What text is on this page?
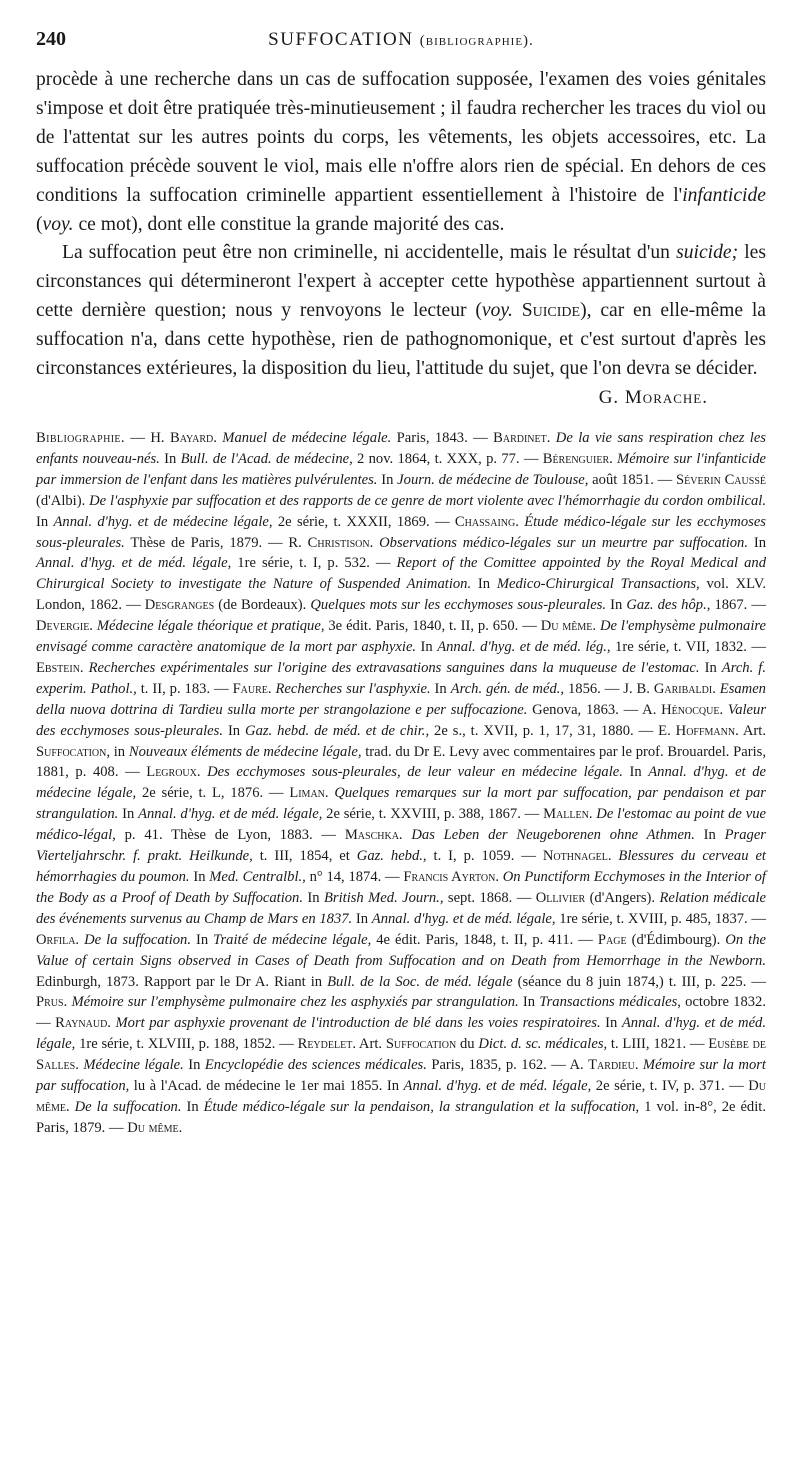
240	SUFFOCATION (bibliographie).

procède à une recherche dans un cas de suffocation supposée, l'examen des voies génitales s'impose et doit être pratiquée très-minutieusement ; il faudra rechercher les traces du viol ou de l'attentat sur les autres points du corps, les vêtements, les objets accessoires, etc. La suffocation précède souvent le viol, mais elle n'offre alors rien de spécial. En dehors de ces conditions la suffocation criminelle appartient essentiellement à l'histoire de l'infanticide (voy. ce mot), dont elle constitue la grande majorité des cas.

La suffocation peut être non criminelle, ni accidentelle, mais le résultat d'un suicide; les circonstances qui détermineront l'expert à accepter cette hypothèse appartiennent surtout à cette dernière question; nous y renvoyons le lecteur (voy. Suicide), car en elle-même la suffocation n'a, dans cette hypothèse, rien de pathognomonique, et c'est surtout d'après les circonstances extérieures, la disposition du lieu, l'attitude du sujet, que l'on devra se décider.

G. Morache.
Bibliographie. — H. Bayard. Manuel de médecine légale. Paris, 1843. — Bardinet. De la vie sans respiration chez les enfants nouveau-nés. In Bull. de l'Acad. de médecine, 2 nov. 1864, t. XXX, p. 77. — Bérenguier. Mémoire sur l'infanticide par immersion de l'enfant dans les matières pulvérulentes. In Journ. de médecine de Toulouse, août 1851. — Séverin Caussé (d'Albi). De l'asphyxie par suffocation et des rapports de ce genre de mort violente avec l'hémorrhagie du cordon ombilical. In Annal. d'hyg. et de médecine légale, 2e série, t. XXXII, 1869. — Chassaing. Étude médico-légale sur les ecchymoses sous-pleurales. Thèse de Paris, 1879. — R. Christison. Observations médico-légales sur un meurtre par suffocation. In Annal. d'hyg. et de méd. légale, 1re série, t. I, p. 532. — Report of the Comittee appointed by the Royal Medical and Chirurgical Society to investigate the Nature of Suspended Animation. In Medico-Chirurgical Transactions, vol. XLV. London, 1862. — Desgranges (de Bordeaux). Quelques mots sur les ecchymoses sous-pleurales. In Gaz. des hôp., 1867. — Devergie. Médecine légale théorique et pratique, 3e édit. Paris, 1840, t. II, p. 650. — Du même. De l'emphysème pulmonaire envisagé comme caractère anatomique de la mort par asphyxie. In Annal. d'hyg. et de méd. lég., 1re série, t. VII, 1832. — Ebstein. Recherches expérimentales sur l'origine des extravasations sanguines dans la muqueuse de l'estomac. In Arch. f. experim. Pathol., t. II, p. 183. — Faure. Recherches sur l'asphyxie. In Arch. gén. de méd., 1856. — J. B. Garibaldi. Esamen della nuova dottrina di Tardieu sulla morte per strangolazione e per suffocazione. Genova, 1863. — A. Hénocque. Valeur des ecchymoses sous-pleurales. In Gaz. hebd. de méd. et de chir., 2e s., t. XVII, p. 1, 17, 31, 1880. — E. Hoffmann. Art. Suffocation, in Nouveaux éléments de médecine légale, trad. du Dr E. Levy avec commentaires par le prof. Brouardel. Paris, 1881, p. 408. — Legroux. Des ecchymoses sous-pleurales, de leur valeur en médecine légale. In Annal. d'hyg. et de médecine légale, 2e série, t. L, 1876. — Liman. Quelques remarques sur la mort par suffocation, par pendaison et par strangulation. In Annal. d'hyg. et de méd. légale, 2e série, t. XXVIII, p. 388, 1867. — Mallen. De l'estomac au point de vue médico-légal, p. 41. Thèse de Lyon, 1883. — Maschka. Das Leben der Neugeborenen ohne Athmen. In Prager Vierteljahrschr. f. prakt. Heilkunde, t. III, 1854, et Gaz. hebd., t. I, p. 1059. — Nothnagel. Blessures du cerveau et hémorrhagies du poumon. In Med. Centralbl., n° 14, 1874. — Francis Ayrton. On Punctiform Ecchymoses in the Interior of the Body as a Proof of Death by Suffocation. In British Med. Journ., sept. 1868. — Ollivier (d'Angers). Relation médicale des événements survenus au Champ de Mars en 1837. In Annal. d'hyg. et de méd. légale, 1re série, t. XVIII, p. 485, 1837. — Orfila. De la suffocation. In Traité de médecine légale, 4e édit. Paris, 1848, t. II, p. 411. — Page (d'Édimbourg). On the Value of certain Signs observed in Cases of Death from Suffocation and on Death from Hemorrhage in the Newborn. Edinburgh, 1873. Rapport par le Dr A. Riant in Bull. de la Soc. de méd. légale (séance du 8 juin 1874,) t. III, p. 225. — Prus. Mémoire sur l'emphysème pulmonaire chez les asphyxiés par strangulation. In Transactions médicales, octobre 1832. — Raynaud. Mort par asphyxie provenant de l'introduction de blé dans les voies respiratoires. In Annal. d'hyg. et de méd. légale, 1re série, t. XLVIII, p. 188, 1852. — Reydelet. Art. Suffocation du Dict. d. sc. médicales, t. LIII, 1821. — Eusèbe de Salles. Médecine légale. In Encyclopédie des sciences médicales. Paris, 1835, p. 162. — A. Tardieu. Mémoire sur la mort par suffocation, lu à l'Acad. de médecine le 1er mai 1855. In Annal. d'hyg. et de méd. légale, 2e série, t. IV, p. 371. — Du même. De la suffocation. In Étude médico-légale sur la pendaison, la strangulation et la suffocation, 1 vol. in-8°, 2e édit. Paris, 1879. — Du même.
